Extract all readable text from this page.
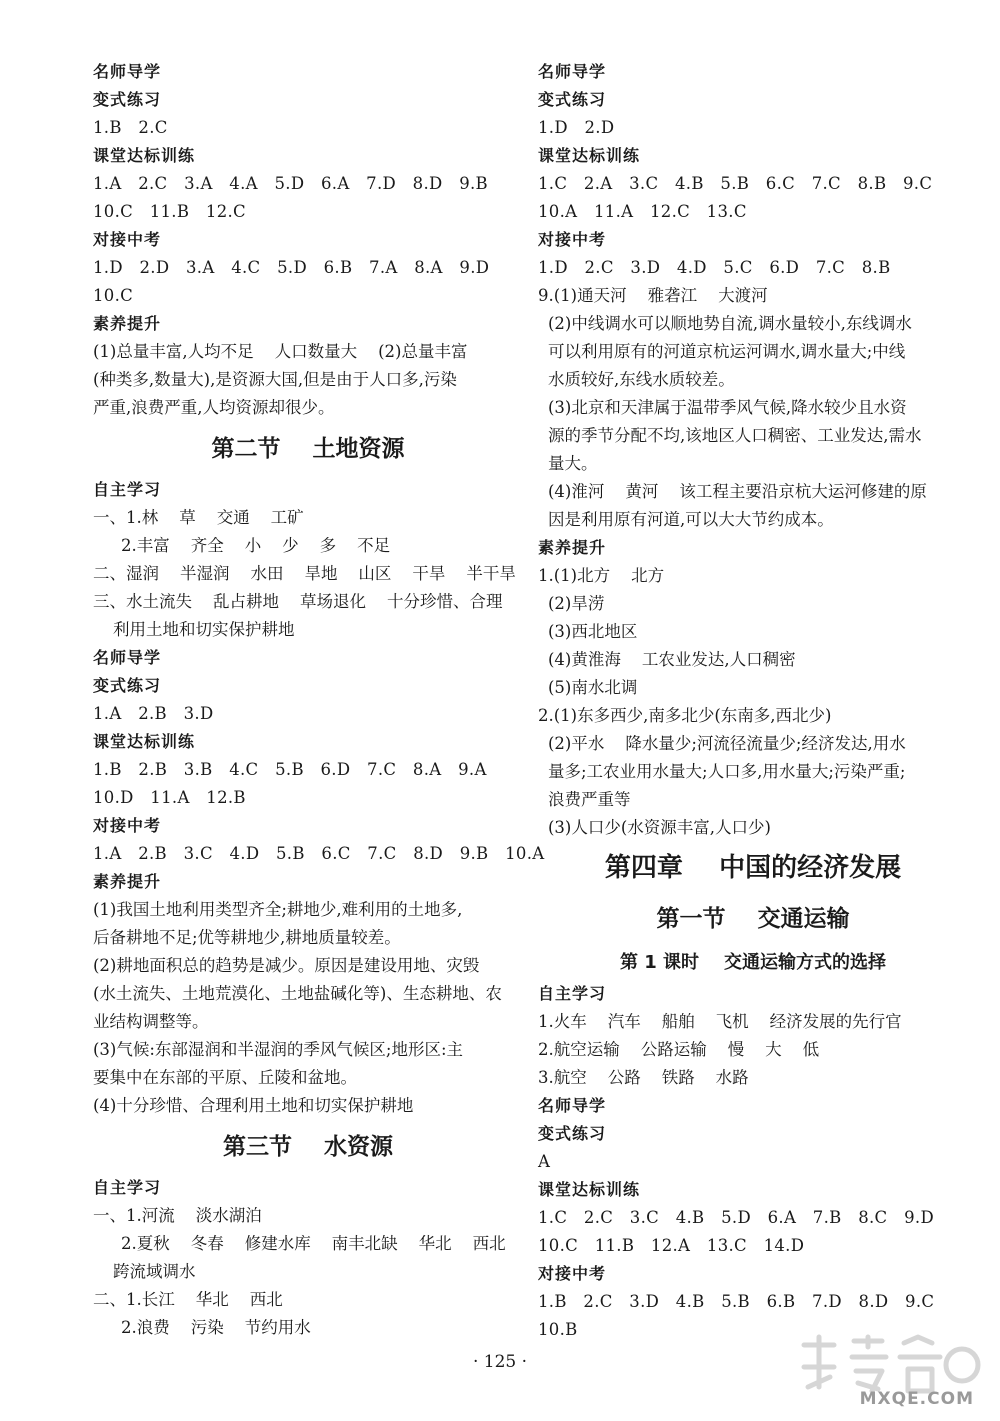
名师导学
变式练习
1.B   2.C
课堂达标训练
1.A   2.C   3.A   4.A   5.D   6.A   7.D   8.D   9.B
10.C   11.B   12.C
对接中考
1.D   2.D   3.A   4.C   5.D   6.B   7.A   8.A   9.D
10.C
素养提升
(1)总量丰富,人均不足    人口数量大    (2)总量丰富
(种类多,数量大),是资源大国,但是由于人口多,污染
严重,浪费严重,人均资源却很少。
第二节    土地资源
自主学习
一、1.林    草    交通    工矿
2.丰富    齐全    小    少    多    不足
二、湿润    半湿润    水田    旱地    山区    干旱    半干旱
三、水土流失    乱占耕地    草场退化    十分珍惜、合理
利用土地和切实保护耕地
名师导学
变式练习
1.A   2.B   3.D
课堂达标训练
1.B   2.B   3.B   4.C   5.B   6.D   7.C   8.A   9.A
10.D   11.A   12.B
对接中考
1.A   2.B   3.C   4.D   5.B   6.C   7.C   8.D   9.B   10.A
素养提升
(1)我国土地利用类型齐全;耕地少,难利用的土地多,
后备耕地不足;优等耕地少,耕地质量较差。
(2)耕地面积总的趋势是减少。原因是建设用地、灾毁
(水土流失、土地荒漠化、土地盐碱化等)、生态耕地、农
业结构调整等。
(3)气候:东部湿润和半湿润的季风气候区;地形区:主
要集中在东部的平原、丘陵和盆地。
(4)十分珍惜、合理利用土地和切实保护耕地
第三节    水资源
自主学习
一、1.河流    淡水湖泊
2.夏秋    冬春    修建水库    南丰北缺    华北    西北
跨流域调水
二、1.长江    华北    西北
2.浪费    污染    节约用水
名师导学
变式练习
1.D   2.D
课堂达标训练
1.C   2.A   3.C   4.B   5.B   6.C   7.C   8.B   9.C
10.A   11.A   12.C   13.C
对接中考
1.D   2.C   3.D   4.D   5.C   6.D   7.C   8.B
9.(1)通天河    雅砻江    大渡河
(2)中线调水可以顺地势自流,调水量较小,东线调水
可以利用原有的河道京杭运河调水,调水量大;中线
水质较好,东线水质较差。
(3)北京和天津属于温带季风气候,降水较少且水资
源的季节分配不均,该地区人口稠密、工业发达,需水
量大。
(4)淮河    黄河    该工程主要沿京杭大运河修建的原
因是利用原有河道,可以大大节约成本。
素养提升
1.(1)北方    北方
(2)旱涝
(3)西北地区
(4)黄淮海    工农业发达,人口稠密
(5)南水北调
2.(1)东多西少,南多北少(东南多,西北少)
(2)平水    降水量少;河流径流量少;经济发达,用水
量多;工农业用水量大;人口多,用水量大;污染严重;
浪费严重等
(3)人口少(水资源丰富,人口少)
第四章    中国的经济发展
第一节    交通运输
第 1 课时    交通运输方式的选择
自主学习
1.火车    汽车    船舶    飞机    经济发展的先行官
2.航空运输    公路运输    慢    大    低
3.航空    公路    铁路    水路
名师导学
变式练习
A
课堂达标训练
1.C   2.C   3.C   4.B   5.D   6.A   7.B   8.C   9.D
10.C   11.B   12.A   13.C   14.D
对接中考
1.B   2.C   3.D   4.B   5.B   6.B   7.D   8.D   9.C
10.B
· 125 ·
MXQE.COM
